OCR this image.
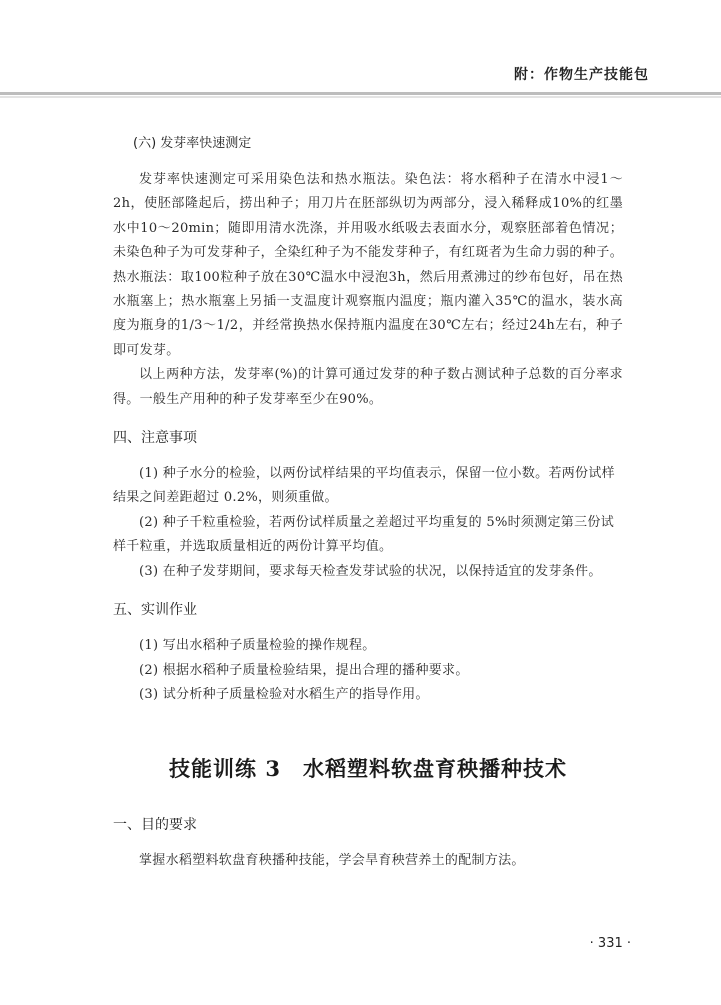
附：作物生产技能包
(六) 发芽率快速测定

发芽率快速测定可采用染色法和热水瓶法。染色法：将水稻种子在清水中浸1～2h，使胚部隆起后，捞出种子；用刀片在胚部纵切为两部分，浸入稀释成10%的红墨水中10～20min；随即用清水洗涤，并用吸水纸吸去表面水分，观察胚部着色情况；未染色种子为可发芽种子，全染红种子为不能发芽种子，有红斑者为生命力弱的种子。热水瓶法：取100粒种子放在30℃温水中浸泡3h，然后用煮沸过的纱布包好，吊在热水瓶塞上；热水瓶塞上另插一支温度计观察瓶内温度；瓶内灌入35℃的温水，装水高度为瓶身的1/3～1/2，并经常换热水保持瓶内温度在30℃左右；经过24h左右，种子即可发芽。

以上两种方法，发芽率(%)的计算可通过发芽的种子数占测试种子总数的百分率求得。一般生产用种的种子发芽率至少在90%。

四、注意事项

(1) 种子水分的检验，以两份试样结果的平均值表示，保留一位小数。若两份试样结果之间差距超过 0.2%，则须重做。

(2) 种子千粒重检验，若两份试样质量之差超过平均重复的 5%时须测定第三份试样千粒重，并选取质量相近的两份计算平均值。

(3) 在种子发芽期间，要求每天检查发芽试验的状况，以保持适宜的发芽条件。

五、实训作业

(1) 写出水稻种子质量检验的操作规程。

(2) 根据水稻种子质量检验结果，提出合理的播种要求。

(3) 试分析种子质量检验对水稻生产的指导作用。

技能训练 3　水稻塑料软盘育秧播种技术
一、目的要求

掌握水稻塑料软盘育秧播种技能，学会旱育秧营养土的配制方法。

· 331 ·
